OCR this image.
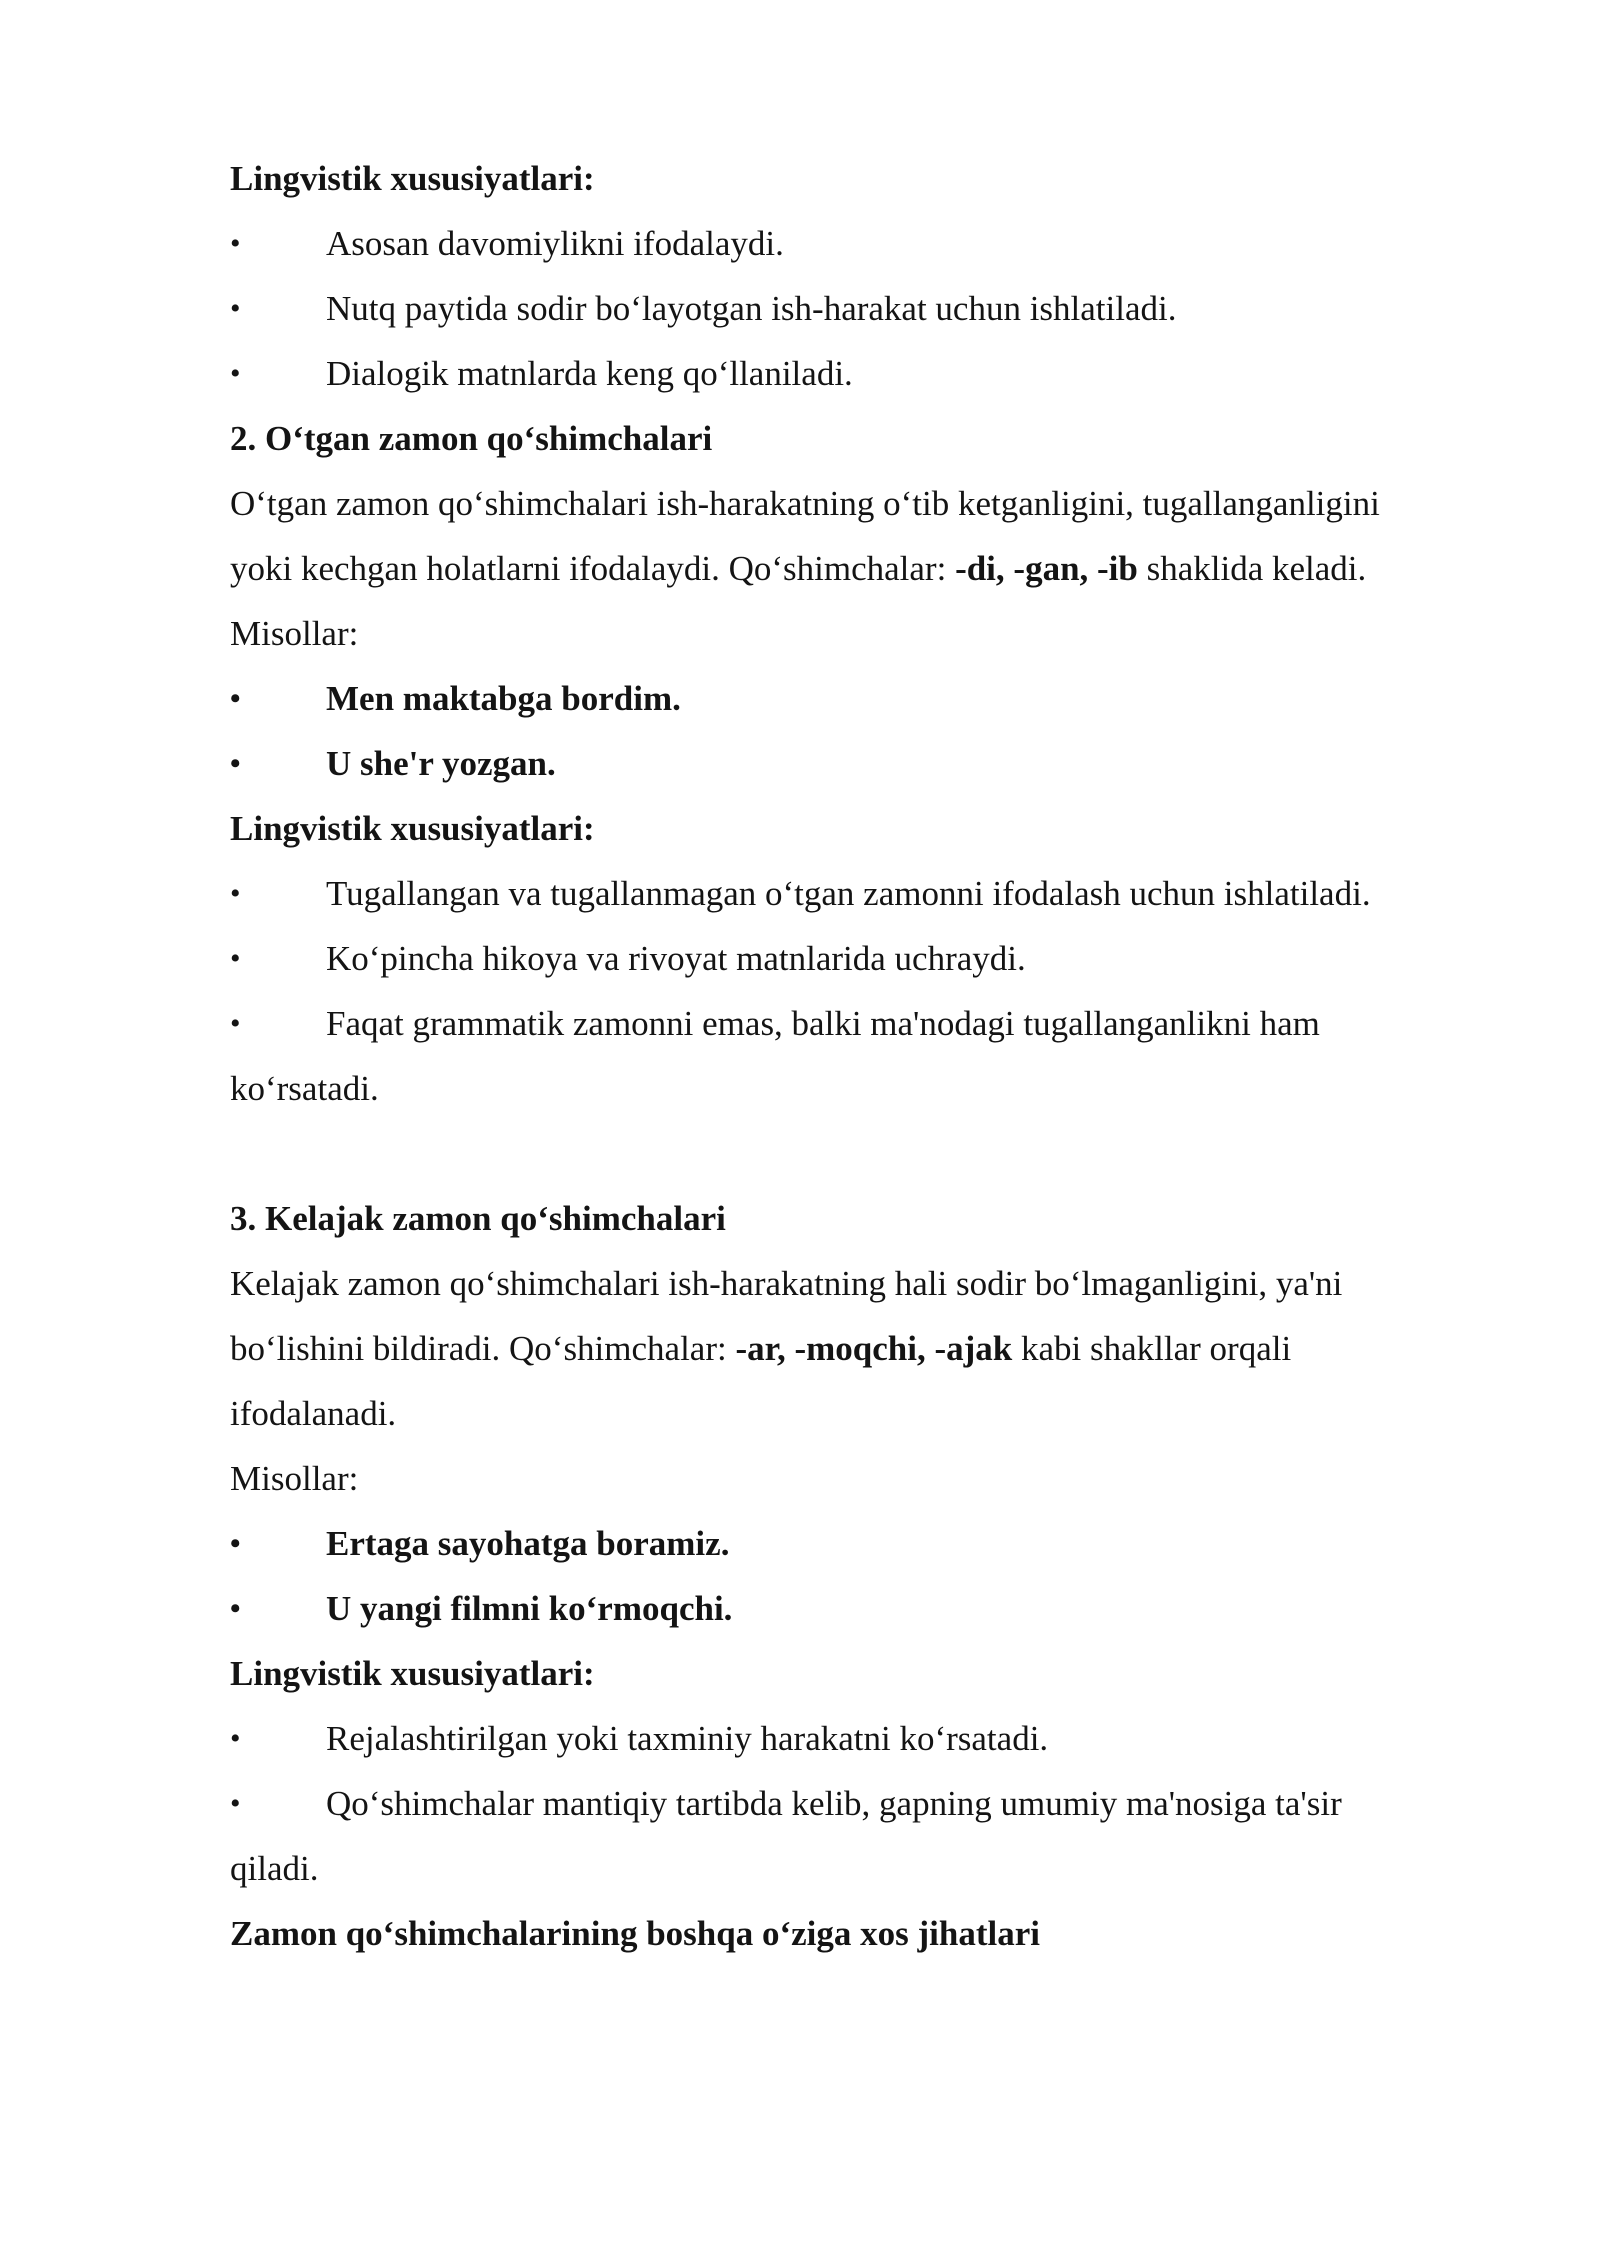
Lingvistik xususiyatlari:

• Asosan davomiylikni ifodalaydi.

• Nutq paytida sodir bo‘layotgan ish-harakat uchun ishlatiladi.

• Dialogik matnlarda keng qo‘llaniladi.

2. O‘tgan zamon qo‘shimchalari

O‘tgan zamon qo‘shimchalari ish-harakatning o‘tib ketganligini, tugallanganligini

yoki kechgan holatlarni ifodalaydi. Qo‘shimchalar: -di, -gan, -ib shaklida keladi.

Misollar:

• Men maktabga bordim.

• U she'r yozgan.

Lingvistik xususiyatlari:

• Tugallangan va tugallanmagan o‘tgan zamonni ifodalash uchun ishlatiladi.

• Ko‘pincha hikoya va rivoyat matnlarida uchraydi.

• Faqat grammatik zamonni emas, balki ma'nodagi tugallanganlikni ham

ko‘rsatadi.

3. Kelajak zamon qo‘shimchalari

Kelajak zamon qo‘shimchalari ish-harakatning hali sodir bo‘lmaganligini, ya'ni

bo‘lishini bildiradi. Qo‘shimchalar: -ar, -moqchi, -ajak kabi shakllar orqali

ifodalanadi.

Misollar:

• Ertaga sayohatga boramiz.

• U yangi filmni ko‘rmoqchi.

Lingvistik xususiyatlari:

• Rejalashtirilgan yoki taxminiy harakatni ko‘rsatadi.

• Qo‘shimchalar mantiqiy tartibda kelib, gapning umumiy ma'nosiga ta'sir

qiladi.

Zamon qo‘shimchalarining boshqa o‘ziga xos jihatlari
